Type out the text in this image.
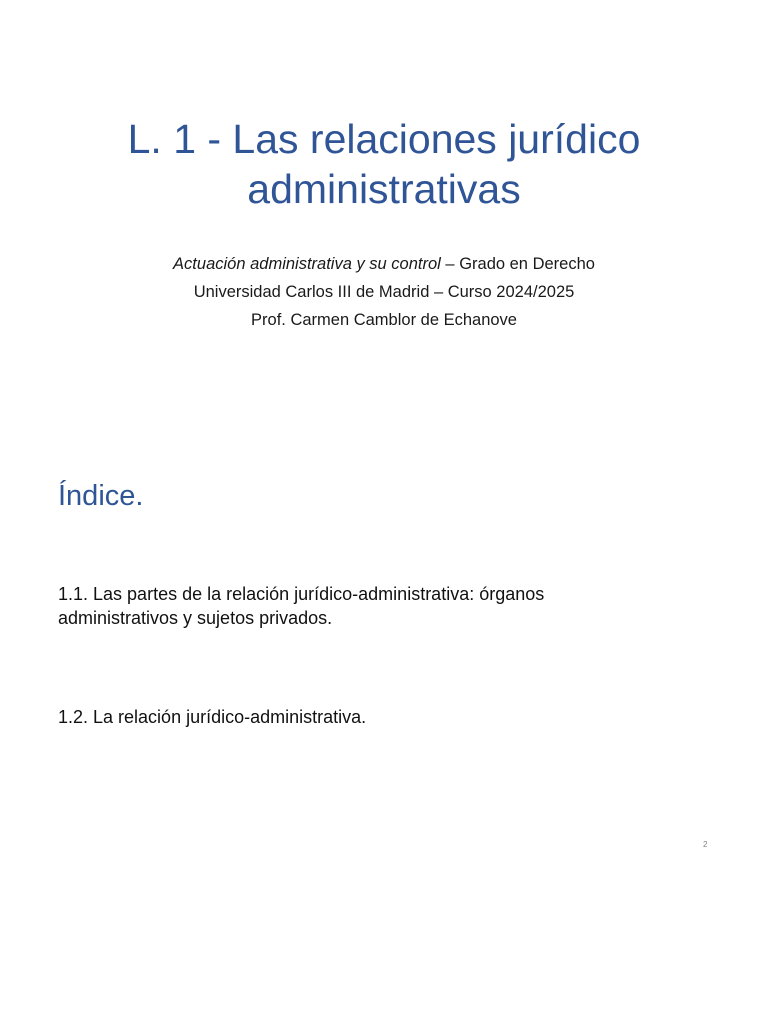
L. 1 - Las relaciones jurídico
administrativas
Actuación administrativa y su control – Grado en Derecho
Universidad Carlos III de Madrid – Curso 2024/2025
Prof. Carmen Camblor de Echanove
Índice.
1.1. Las partes de la relación jurídico-administrativa: órganos
administrativos y sujetos privados.
1.2. La relación jurídico-administrativa.
2
